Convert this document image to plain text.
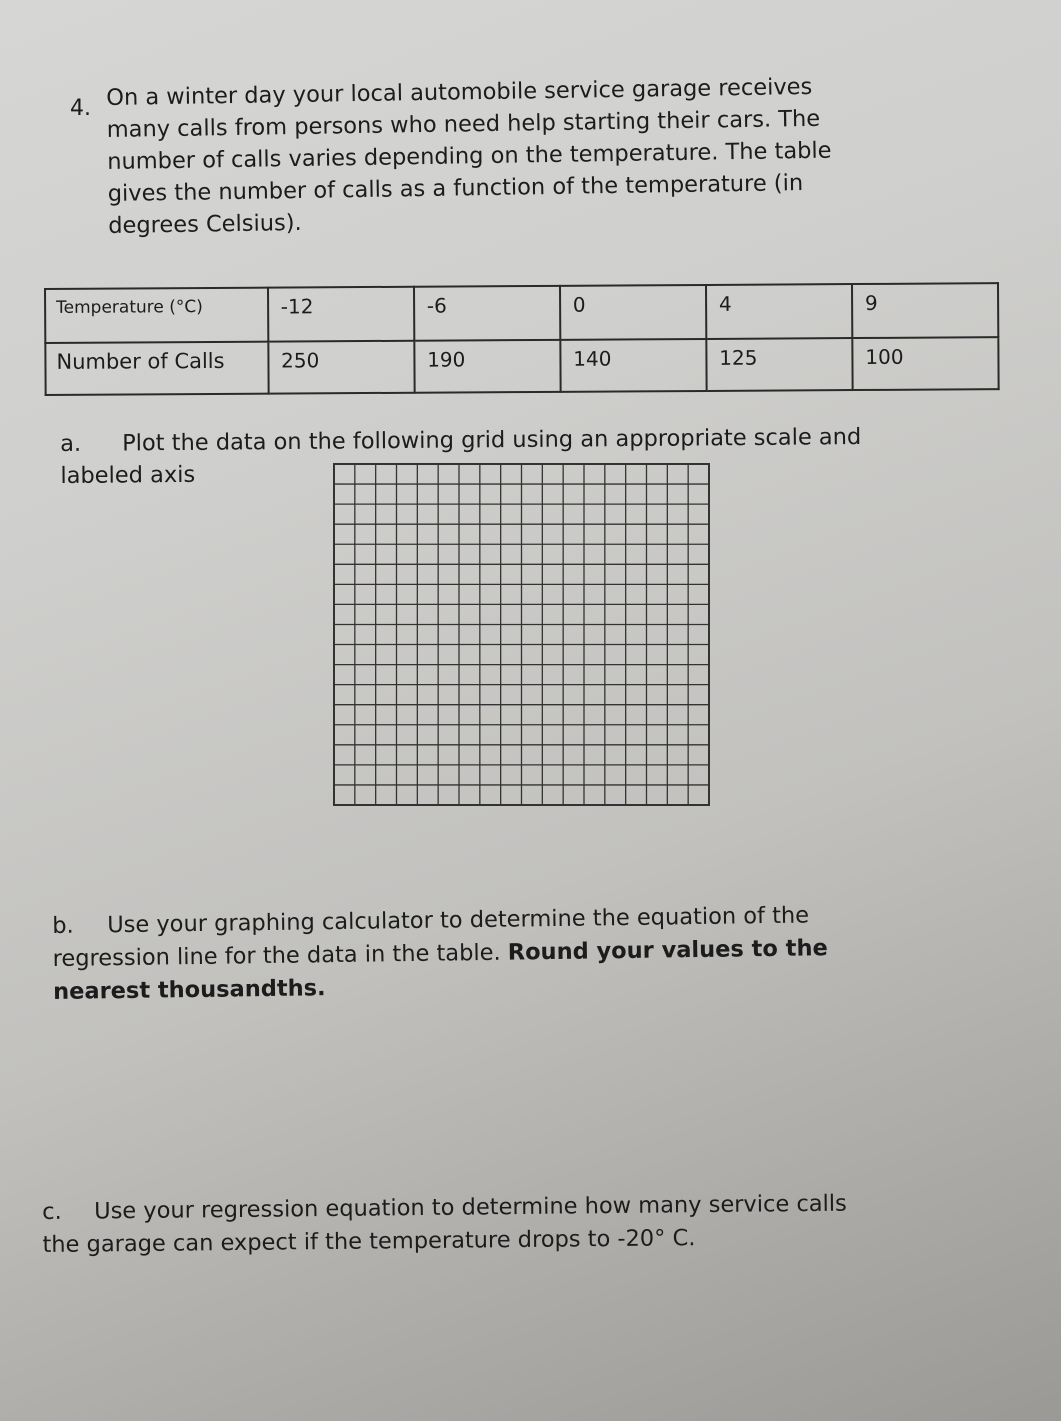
4. On a winter day your local automobile service garage receives many calls from persons who need help starting their cars. The number of calls varies depending on the temperature. The table gives the number of calls as a function of the temperature (in degrees Celsius).
Temperature (°C)	-12	-6	0	4	9
Number of Calls	250	190	140	125	100
a. Plot the data on the following grid using an appropriate scale and labeled axis
b. Use your graphing calculator to determine the equation of the regression line for the data in the table. Round your values to the nearest thousandths.
c. Use your regression equation to determine how many service calls the garage can expect if the temperature drops to -20° C.
